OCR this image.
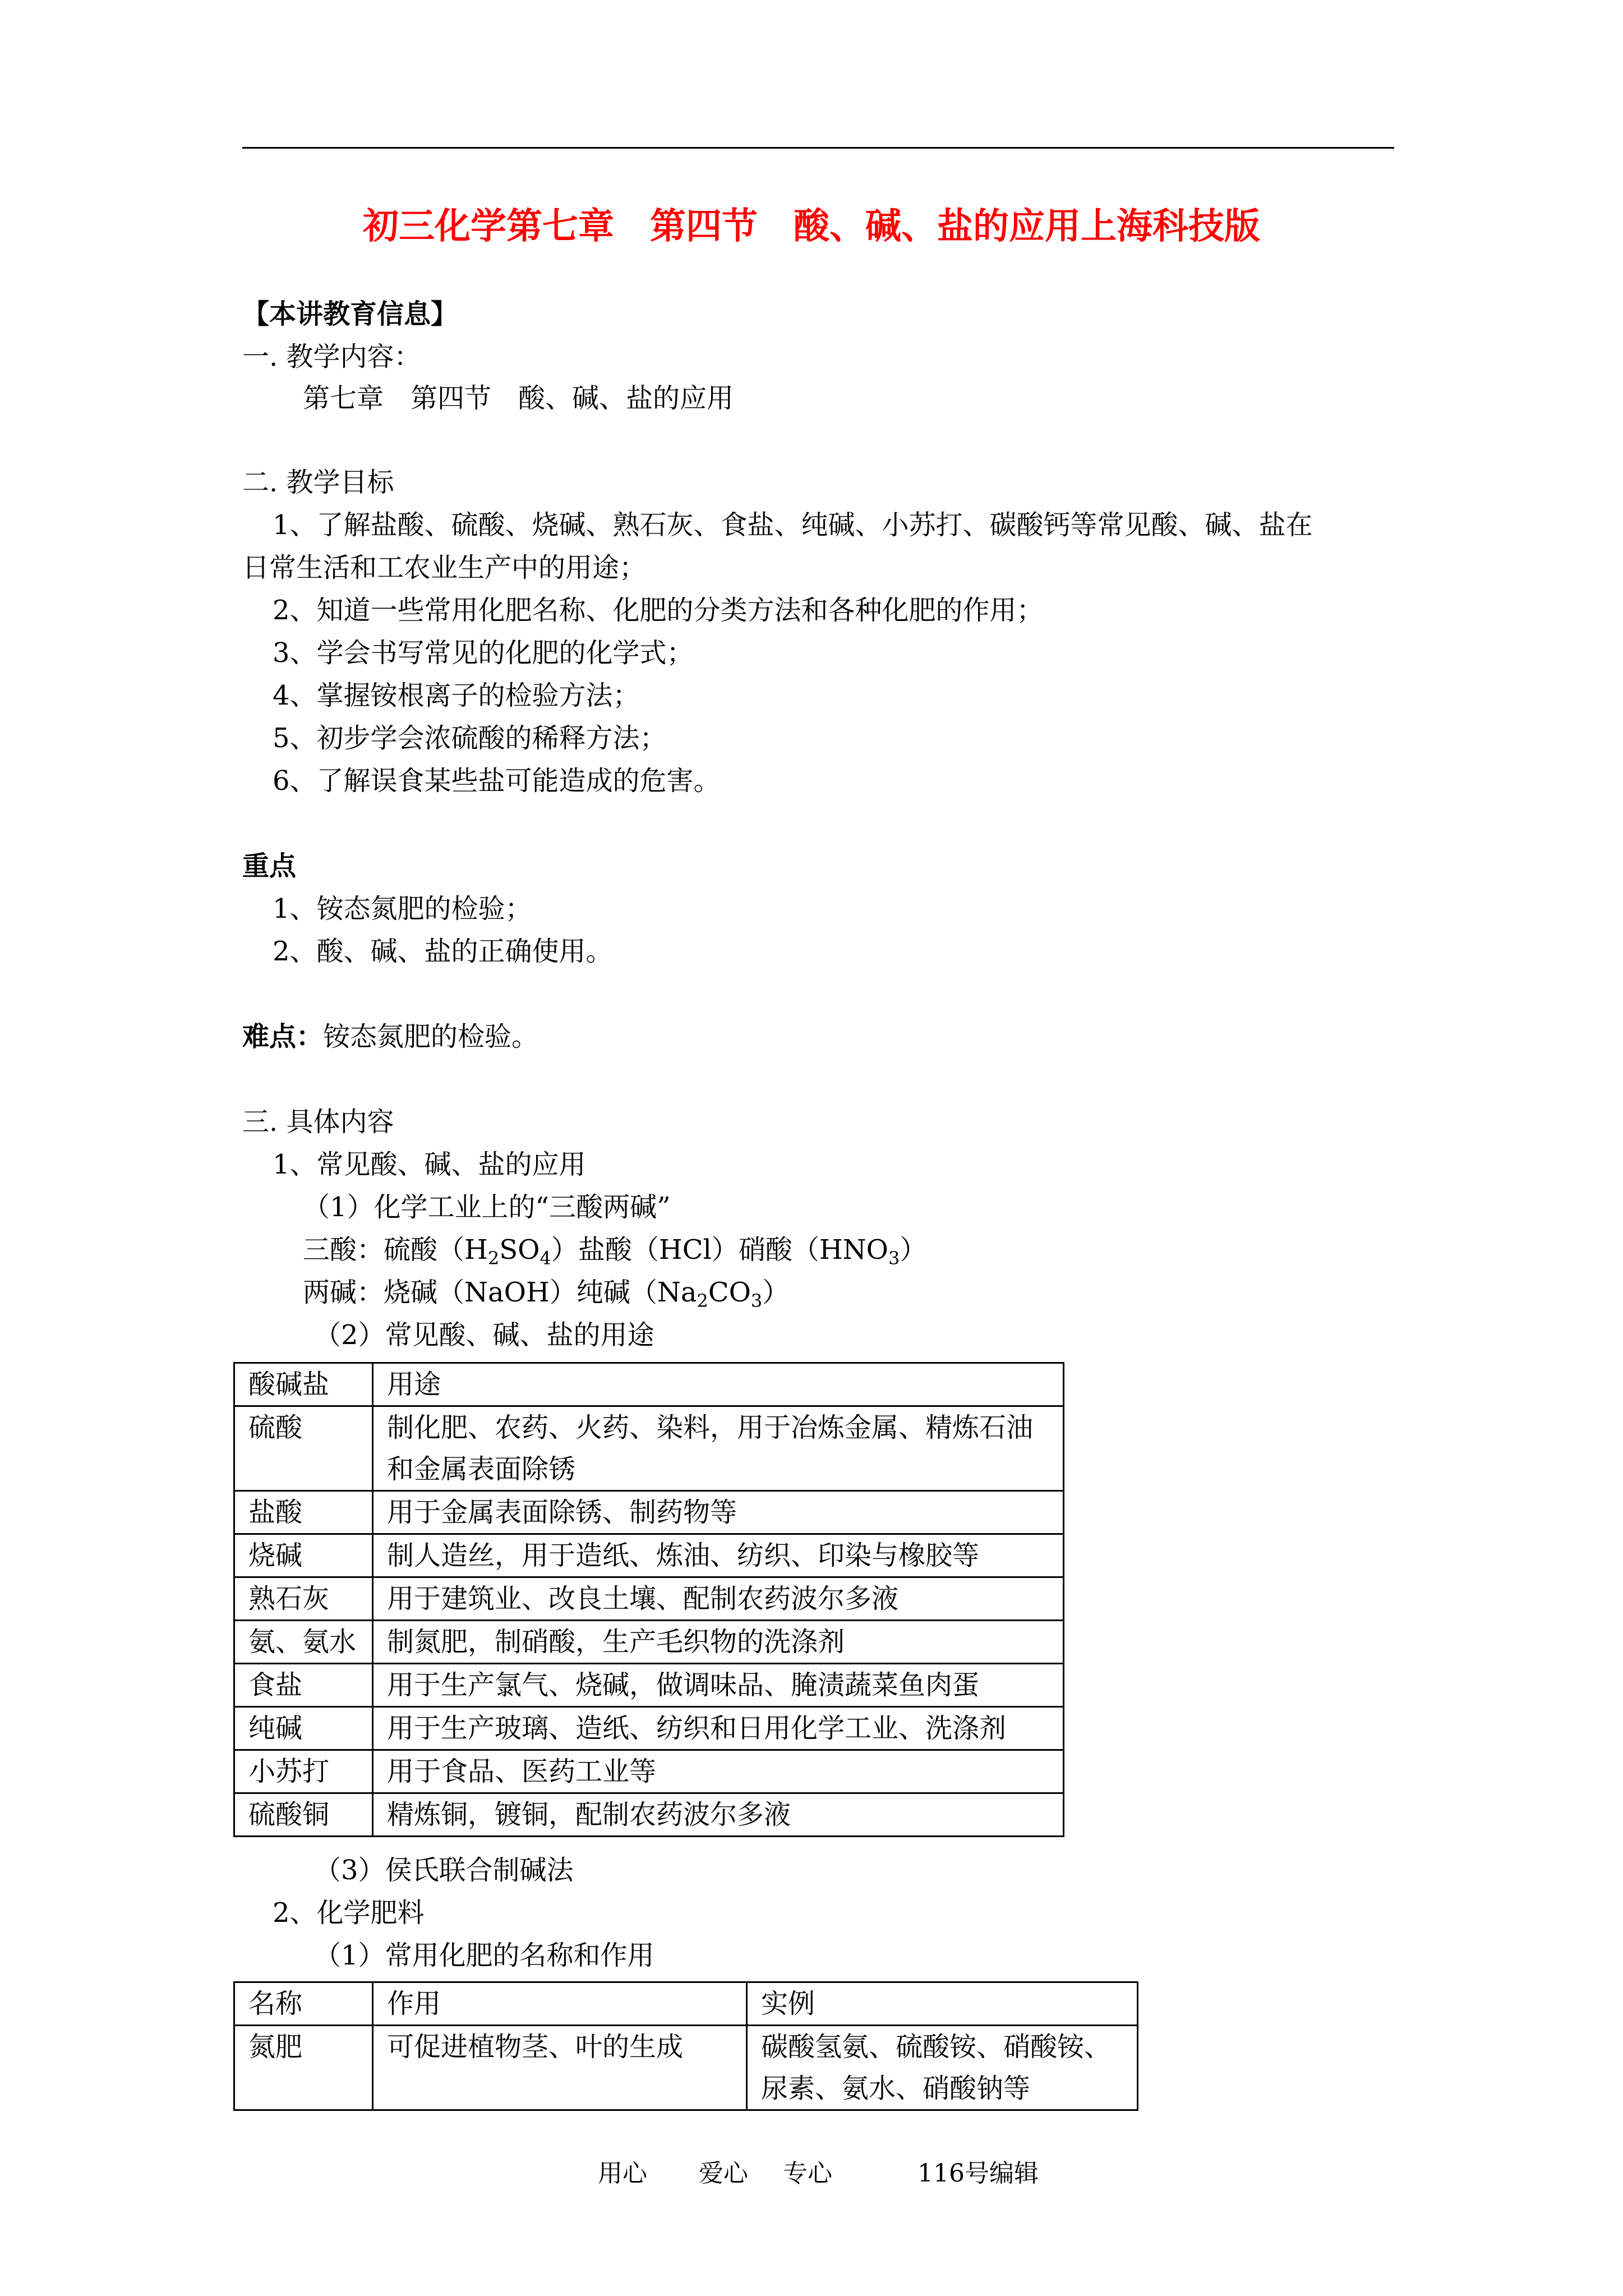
初三化学第七章　第四节　酸、碱、盐的应用上海科技版
【本讲教育信息】
一. 教学内容：
第七章　第四节　酸、碱、盐的应用
二. 教学目标
1、了解盐酸、硫酸、烧碱、熟石灰、食盐、纯碱、小苏打、碳酸钙等常见酸、碱、盐在
日常生活和工农业生产中的用途；
2、知道一些常用化肥名称、化肥的分类方法和各种化肥的作用；
3、学会书写常见的化肥的化学式；
4、掌握铵根离子的检验方法；
5、初步学会浓硫酸的稀释方法；
6、了解误食某些盐可能造成的危害。
重点
1、铵态氮肥的检验；
2、酸、碱、盐的正确使用。
难点：铵态氮肥的检验。
三. 具体内容
1、常见酸、碱、盐的应用
（1）化学工业上的“三酸两碱”
三酸：硫酸$(H_2SO_4)$盐酸（HCl）硝酸$(HNO_3)$
两碱：烧碱（NaOH）纯碱$(Na_2CO_3)$
（2）常见酸、碱、盐的用途
酸碱盐	用途
硫酸	制化肥、农药、火药、染料，用于冶炼金属、精炼石油和金属表面除锈
盐酸	用于金属表面除锈、制药物等
烧碱	制人造丝，用于造纸、炼油、纺织、印染与橡胶等
熟石灰	用于建筑业、改良土壤、配制农药波尔多液
氨、氨水	制氮肥，制硝酸，生产毛织物的洗涤剂
食盐	用于生产氯气、烧碱，做调味品、腌渍蔬菜鱼肉蛋
纯碱	用于生产玻璃、造纸、纺织和日用化学工业、洗涤剂
小苏打	用于食品、医药工业等
硫酸铜	精炼铜，镀铜，配制农药波尔多液
（3）侯氏联合制碱法
2、化学肥料
（1）常用化肥的名称和作用
名称	作用	实例
氮肥	可促进植物茎、叶的生成	碳酸氢氨、硫酸铵、硝酸铵、尿素、氨水、硝酸钠等
用心 爱心 专心	116号编辑
